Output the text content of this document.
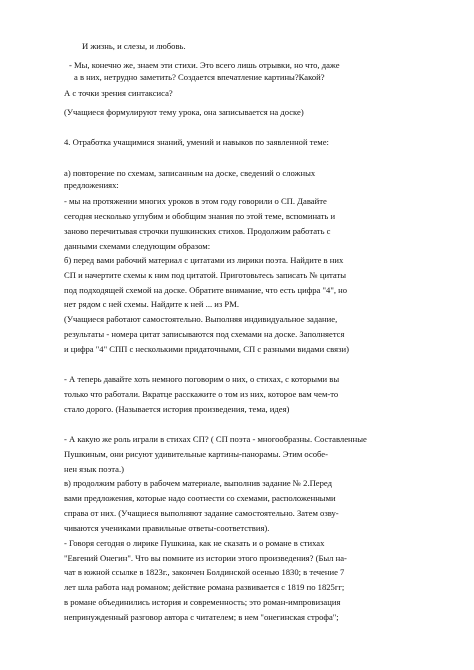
И жизнь, и слезы, и любовь.
- Мы, конечно же, знаем эти стихи. Это всего лишь отрывки, но что, даже
а в них, нетрудно заметить? Создается впечатление картины?Какой?
А с точки зрения синтаксиса?
(Учащиеся формулируют тему урока, она записывается на доске)
4. Отработка учащимися знаний, умений и навыков по заявленной теме:
а) повторение по схемам, записанным на доске, сведений о сложных
предложениях:
- мы на протяжении многих уроков в этом году говорили о СП. Давайте
сегодня несколько углубим и обобщим знания по этой теме, вспоминать и
заново перечитывая строчки пушкинских стихов. Продолжим работать с
данными схемами следующим образом:
б) перед вами рабочий материал с цитатами из лирики поэта. Найдите в них
СП и начертите схемы к ним под цитатой. Приготовьтесь записать № цитаты
под подходящей схемой на доске. Обратите внимание, что есть цифра "4", но
нет рядом с ней схемы. Найдите к ней ... из РМ.
(Учащиеся работают самостоятельно. Выполняя индивидуальное задание,
результаты - номера цитат записываются под схемами на доске. Заполняется
и цифра "4" СПП с несколькими придаточными, СП с разными видами связи)
- А теперь давайте хоть немного поговорим о них, о стихах, с которыми вы
только что работали. Вкратце расскажите о том из них, которое вам чем-то
стало дорого. (Называется история произведения, тема, идея)
- А какую же роль играли в стихах СП? ( СП поэта - многообразны. Составленные
Пушкиным, они рисуют удивительные картины-панорамы. Этим особе-
нен язык поэта.)
в) продолжим работу в рабочем материале, выполнив задание № 2.Перед
вами предложения, которые надо соотнести со схемами, расположенными
справа от них. (Учащиеся выполняют задание самостоятельно. Затем озву-
чиваются учениками правильные ответы-соответствия).
- Говоря сегодня о лирике Пушкина, как не сказать и о романе в стихах
"Евгений Онегин". Что вы помните из истории этого произведения? (Был на-
чат в южной ссылке в 1823г., закончен Болдинской осенью 1830; в течение 7
лет шла работа над романом; действие романа развивается с 1819 по 1825гг;
в романе объединились история и современность; это роман-импровизация
непринужденный разговор автора с читателем; в нем "онегинская строфа";
